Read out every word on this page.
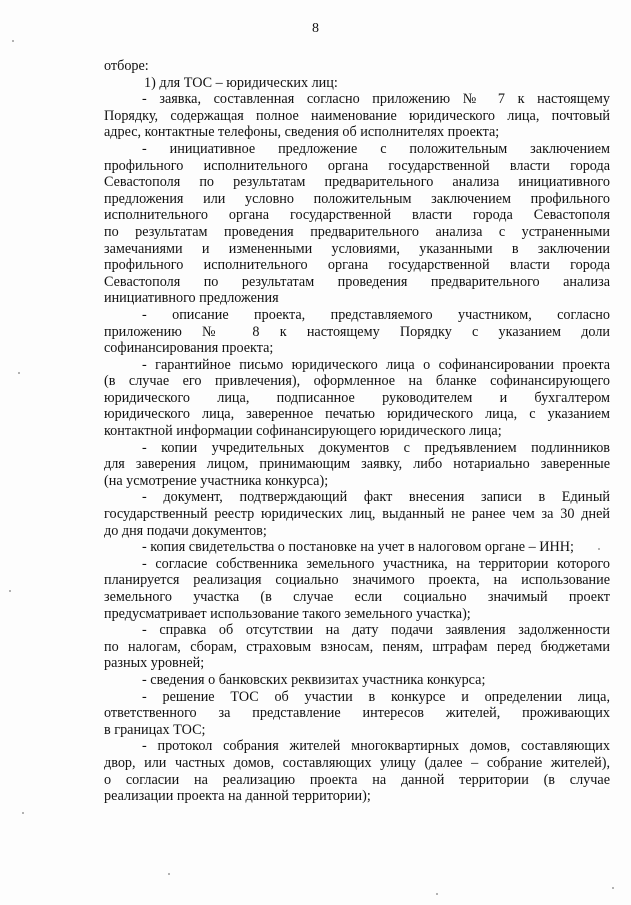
8
отборе:
1) для ТОС – юридических лиц:
- заявка, составленная согласно приложению № 7 к настоящему
Порядку, содержащая полное наименование юридического лица, почтовый
адрес, контактные телефоны, сведения об исполнителях проекта;
- инициативное предложение с положительным заключением
профильного исполнительного органа государственной власти города
Севастополя по результатам предварительного анализа инициативного
предложения или условно положительным заключением профильного
исполнительного органа государственной власти города Севастополя
по результатам проведения предварительного анализа с устраненными
замечаниями и измененными условиями, указанными в заключении
профильного исполнительного органа государственной власти города
Севастополя по результатам проведения предварительного анализа
инициативного предложения
- описание проекта, представляемого участником, согласно
приложению № 8 к настоящему Порядку с указанием доли
софинансирования проекта;
- гарантийное письмо юридического лица о софинансировании проекта
(в случае его привлечения), оформленное на бланке софинансирующего
юридического лица, подписанное руководителем и бухгалтером
юридического лица, заверенное печатью юридического лица, с указанием
контактной информации софинансирующего юридического лица;
- копии учредительных документов с предъявлением подлинников
для заверения лицом, принимающим заявку, либо нотариально заверенные
(на усмотрение участника конкурса);
- документ, подтверждающий факт внесения записи в Единый
государственный реестр юридических лиц, выданный не ранее чем за 30 дней
до дня подачи документов;
- копия свидетельства о постановке на учет в налоговом органе – ИНН;
- согласие собственника земельного участника, на территории которого
планируется реализация социально значимого проекта, на использование
земельного участка (в случае если социально значимый проект
предусматривает использование такого земельного участка);
- справка об отсутствии на дату подачи заявления задолженности
по налогам, сборам, страховым взносам, пеням, штрафам перед бюджетами
разных уровней;
- сведения о банковских реквизитах участника конкурса;
- решение ТОС об участии в конкурсе и определении лица,
ответственного за представление интересов жителей, проживающих
в границах ТОС;
- протокол собрания жителей многоквартирных домов, составляющих
двор, или частных домов, составляющих улицу (далее – собрание жителей),
о согласии на реализацию проекта на данной территории (в случае
реализации проекта на данной территории);
